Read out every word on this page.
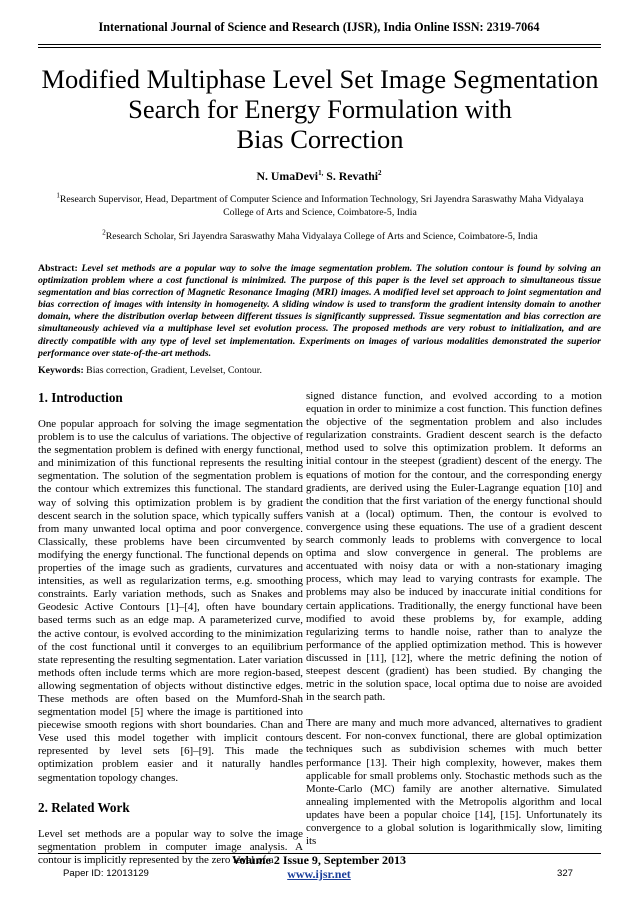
International Journal of Science and Research (IJSR), India Online ISSN: 2319-7064
Modified Multiphase Level Set Image Segmentation
Search for Energy Formulation with
Bias Correction
N. UmaDevi$^{1,}$ S. Revathi$^2$
$^1$Research Supervisor, Head, Department of Computer Science and Information Technology, Sri Jayendra Saraswathy Maha Vidyalaya College of Arts and Science, Coimbatore-5, India
$^2$Research Scholar, Sri Jayendra Saraswathy Maha Vidyalaya College of Arts and Science, Coimbatore-5, India
Abstract: Level set methods are a popular way to solve the image segmentation problem. The solution contour is found by solving an optimization problem where a cost functional is minimized. The purpose of this paper is the level set approach to simultaneous tissue segmentation and bias correction of Magnetic Resonance Imaging (MRI) images. A modified level set approach to joint segmentation and bias correction of images with intensity in homogeneity. A sliding window is used to transform the gradient intensity domain to another domain, where the distribution overlap between different tissues is significantly suppressed. Tissue segmentation and bias correction are simultaneously achieved via a multiphase level set evolution process. The proposed methods are very robust to initialization, and are directly compatible with any type of level set implementation. Experiments on images of various modalities demonstrated the superior performance over state-of-the-art methods.
Keywords: Bias correction, Gradient, Levelset, Contour.
1. Introduction

One popular approach for solving the image segmentation problem is to use the calculus of variations. The objective of the segmentation problem is defined with energy functional, and minimization of this functional represents the resulting segmentation. The solution of the segmentation problem is the contour which extremizes this functional. The standard way of solving this optimization problem is by gradient descent search in the solution space, which typically suffers from many unwanted local optima and poor convergence. Classically, these problems have been circumvented by modifying the energy functional. The functional depends on properties of the image such as gradients, curvatures and intensities, as well as regularization terms, e.g. smoothing constraints. Early variation methods, such as Snakes and Geodesic Active Contours [1]–[4], often have boundary based terms such as an edge map. A parameterized curve, the active contour, is evolved according to the minimization of the cost functional until it converges to an equilibrium state representing the resulting segmentation. Later variation methods often include terms which are more region-based, allowing segmentation of objects without distinctive edges. These methods are often based on the Mumford-Shah segmentation model [5] where the image is partitioned into piecewise smooth regions with short boundaries. Chan and Vese used this model together with implicit contours represented by level sets [6]–[9]. This made the optimization problem easier and it naturally handles segmentation topology changes.

2. Related Work

Level set methods are a popular way to solve the image segmentation problem in computer image analysis. A contour is implicitly represented by the zero level of a

signed distance function, and evolved according to a motion equation in order to minimize a cost function. This function defines the objective of the segmentation problem and also includes regularization constraints. Gradient descent search is the defacto method used to solve this optimization problem. It deforms an initial contour in the steepest (gradient) descent of the energy. The equations of motion for the contour, and the corresponding energy gradients, are derived using the Euler-Lagrange equation [10] and the condition that the first variation of the energy functional should vanish at a (local) optimum. Then, the contour is evolved to convergence using these equations. The use of a gradient descent search commonly leads to problems with convergence to local optima and slow convergence in general. The problems are accentuated with noisy data or with a non-stationary imaging process, which may lead to varying contrasts for example. The problems may also be induced by inaccurate initial conditions for certain applications. Traditionally, the energy functional have been modified to avoid these problems by, for example, adding regularizing terms to handle noise, rather than to analyze the performance of the applied optimization method. This is however discussed in [11], [12], where the metric defining the notion of steepest descent (gradient) has been studied. By changing the metric in the solution space, local optima due to noise are avoided in the search path.

There are many and much more advanced, alternatives to gradient descent. For non-convex functional, there are global optimization techniques such as subdivision schemes with much better performance [13]. Their high complexity, however, makes them applicable for small problems only. Stochastic methods such as the Monte-Carlo (MC) family are another alternative. Simulated annealing implemented with the Metropolis algorithm and local updates have been a popular choice [14], [15]. Unfortunately its convergence to a global solution is logarithmically slow, limiting its

Volume 2 Issue 9, September 2013
www.ijsr.net
Paper ID: 12013129	327
